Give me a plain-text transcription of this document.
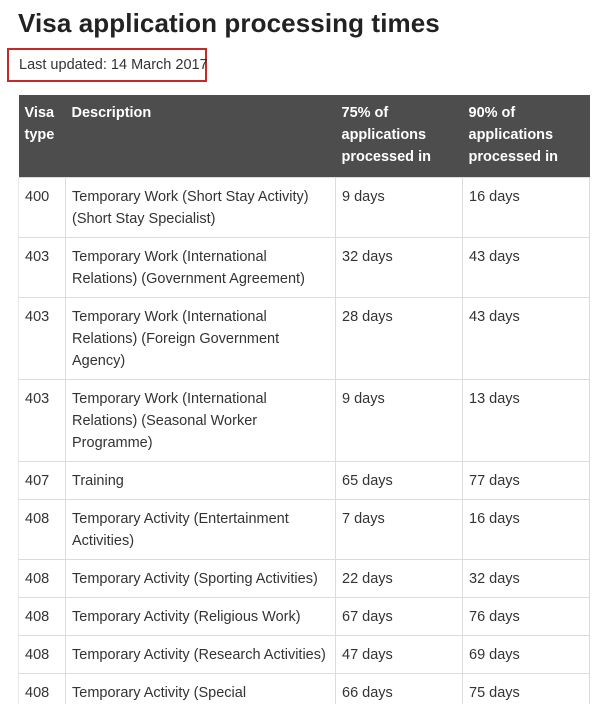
Visa application processing times
Last updated: 14 March 2017
Visa type	Description	75% of applications processed in	90% of applications processed in
400	Temporary Work (Short Stay Activity) (Short Stay Specialist)	9 days	16 days
403	Temporary Work (International Relations) (Government Agreement)	32 days	43 days
403	Temporary Work (International Relations) (Foreign Government Agency)	28 days	43 days
403	Temporary Work (International Relations) (Seasonal Worker Programme)	9 days	13 days
407	Training	65 days	77 days
408	Temporary Activity (Entertainment Activities)	7 days	16 days
408	Temporary Activity (Sporting Activities)	22 days	32 days
408	Temporary Activity (Religious Work)	67 days	76 days
408	Temporary Activity (Research Activities)	47 days	69 days
408	Temporary Activity (Special	66 days	75 days
